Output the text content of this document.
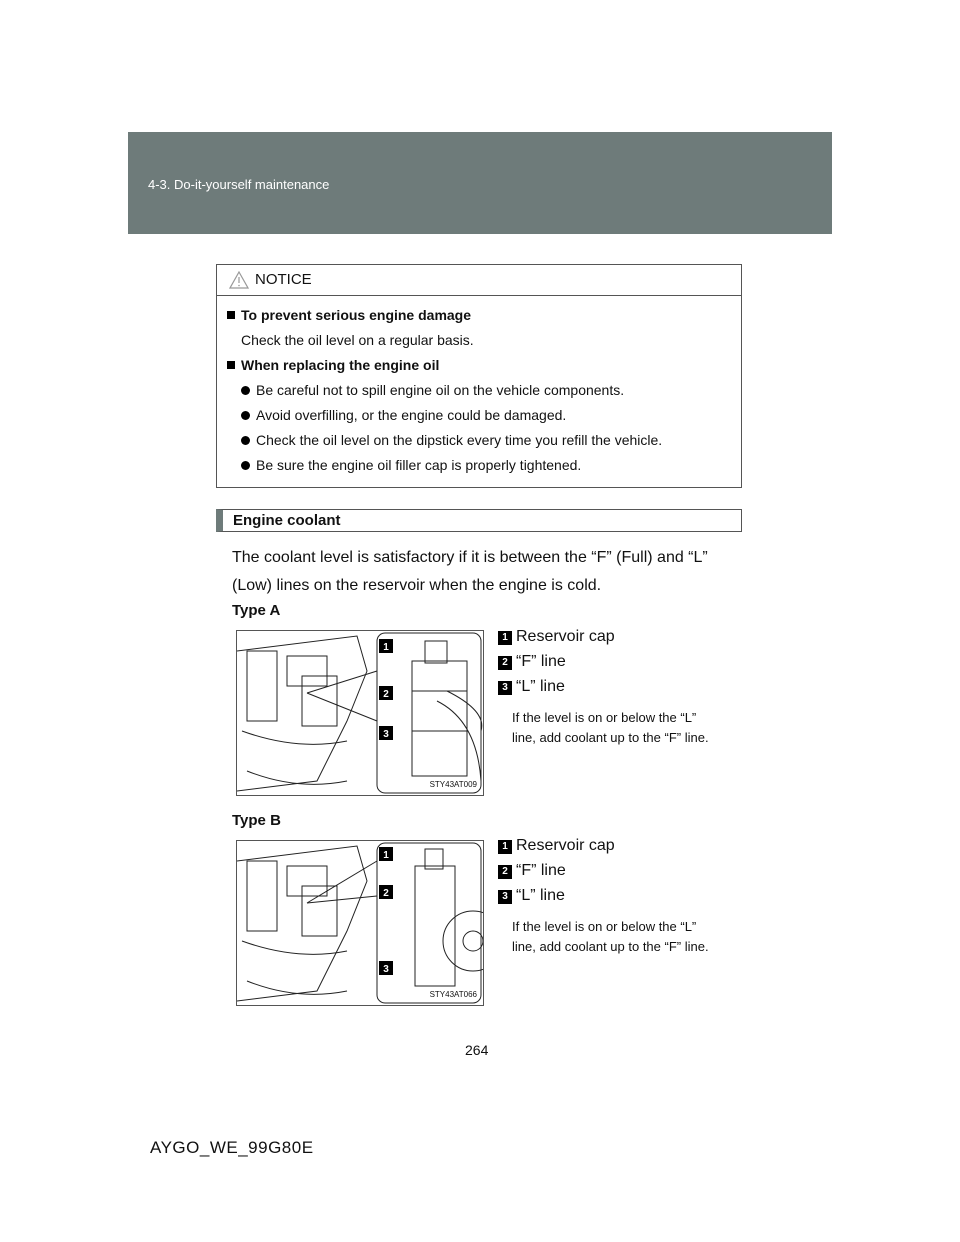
4-3. Do-it-yourself maintenance
NOTICE
To prevent serious engine damage
Check the oil level on a regular basis.
When replacing the engine oil
Be careful not to spill engine oil on the vehicle components.
Avoid overfilling, or the engine could be damaged.
Check the oil level on the dipstick every time you refill the vehicle.
Be sure the engine oil filler cap is properly tightened.
Engine coolant
The coolant level is satisfactory if it is between the “F” (Full) and “L”
(Low) lines on the reservoir when the engine is cold.
Type A
1
2
3
STY43AT009
1 Reservoir cap
2 “F” line
3 “L” line
If the level is on or below the “L”
line, add coolant up to the “F” line.
Type B
1
2
3
STY43AT066
1 Reservoir cap
2 “F” line
3 “L” line
If the level is on or below the “L”
line, add coolant up to the “F” line.
264
AYGO_WE_99G80E
